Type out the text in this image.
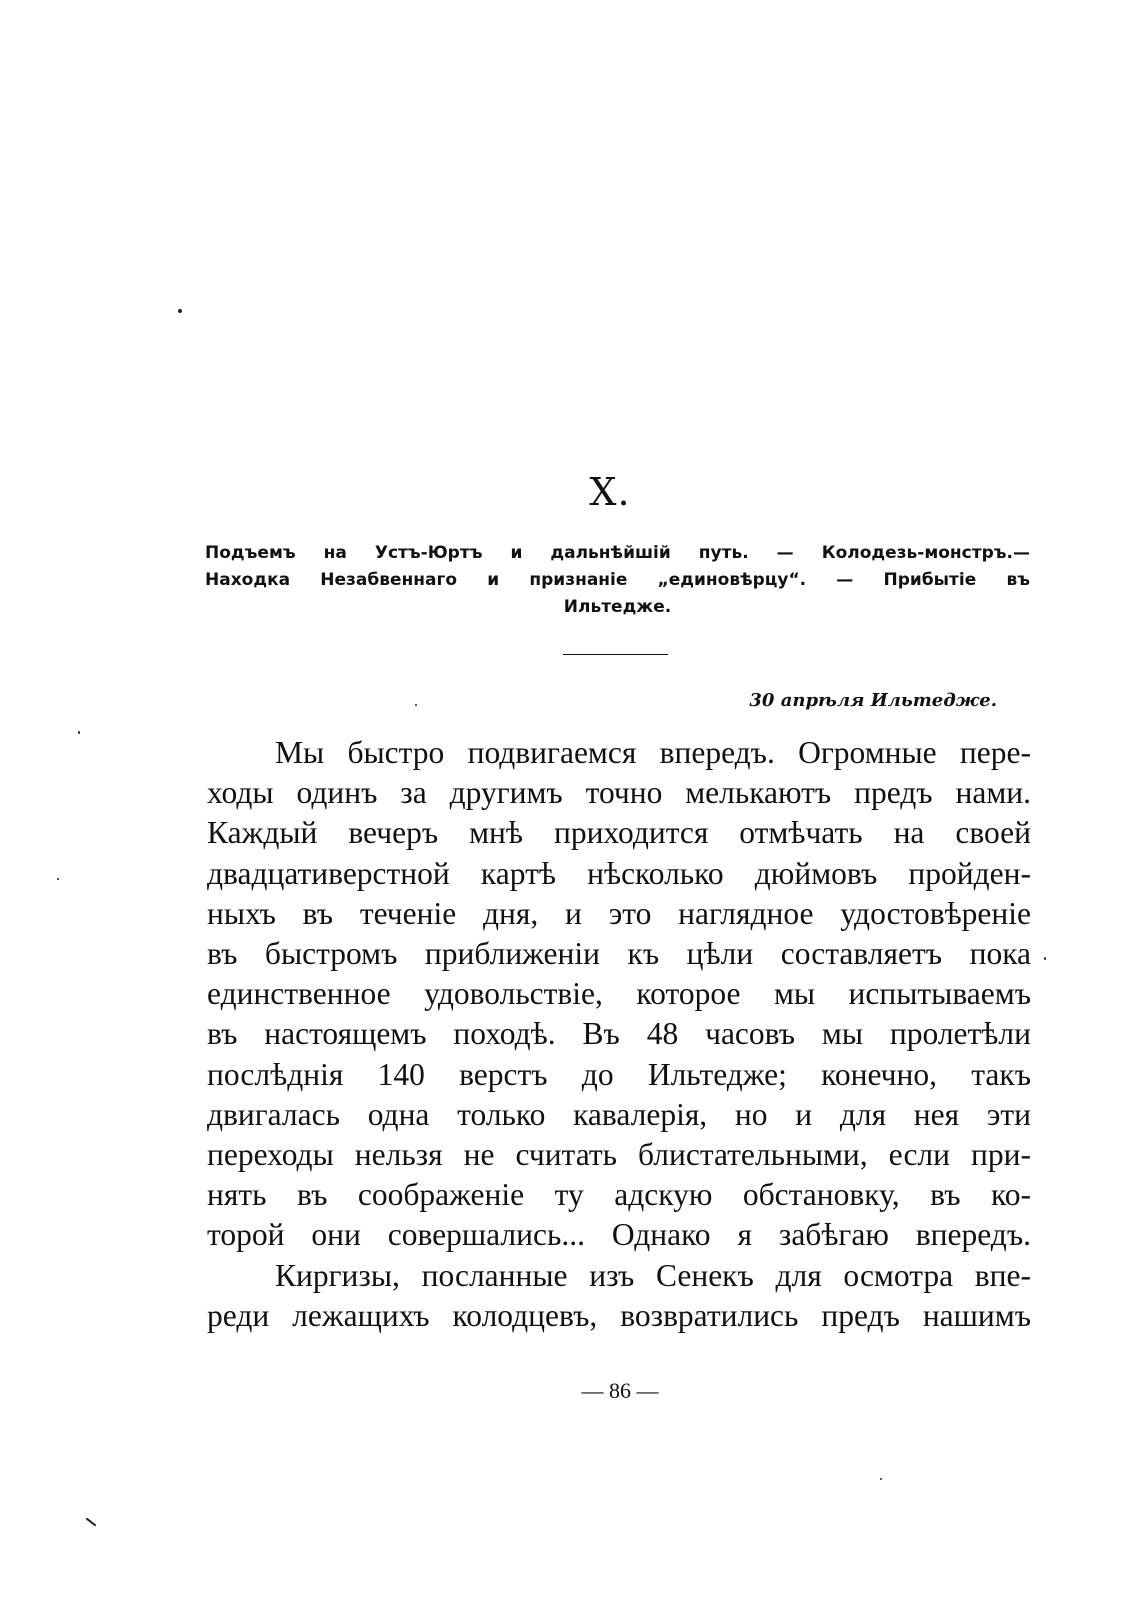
X.
Подъемъ на Устъ-Юртъ и дальнѣйшій путь. — Колодезь-монстръ.—
Находка Незабвеннаго и признаніе „единовѣрцу“. — Прибытіе въ
Ильтедже.
30 апрѣля Ильтедже.
Мы быстро подвигаемся впередъ. Огромные пере-
ходы одинъ за другимъ точно мелькаютъ предъ нами.
Каждый вечеръ мнѣ приходится отмѣчать на своей
двадцативерстной картѣ нѣсколько дюймовъ пройден-
ныхъ въ теченіе дня, и это наглядное удостовѣреніе
въ быстромъ приближеніи къ цѣли составляетъ пока
единственное удовольствіе, которое мы испытываемъ
въ настоящемъ походѣ. Въ 48 часовъ мы пролетѣли
послѣднія 140 верстъ до Ильтедже; конечно, такъ
двигалась одна только кавалерія, но и для нея эти
переходы нельзя не считать блистательными, если при-
нять въ соображеніе ту адскую обстановку, въ ко-
торой они совершались... Однако я забѣгаю впередъ.
Киргизы, посланные изъ Сенекъ для осмотра впе-
реди лежащихъ колодцевъ, возвратились предъ нашимъ
— 86 —
